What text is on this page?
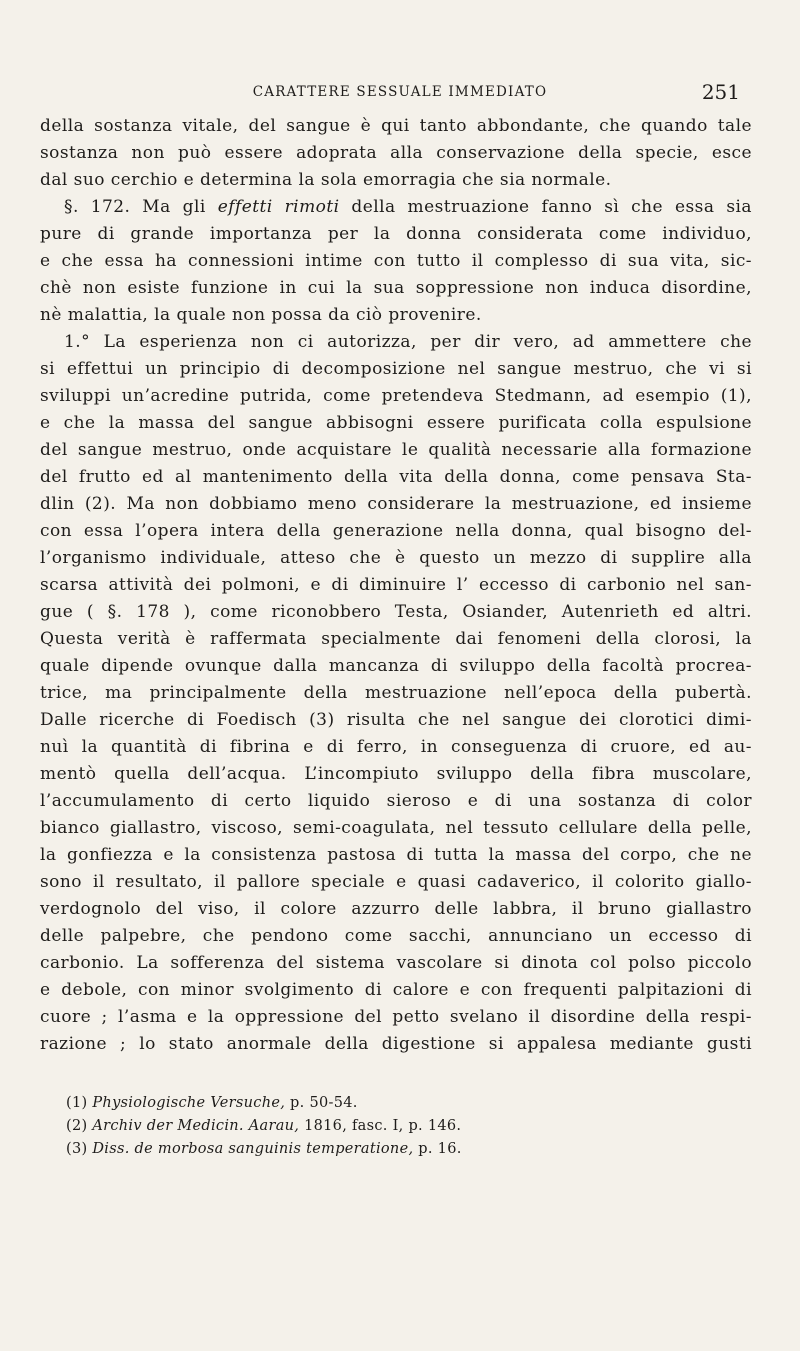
CARATTERE SESSUALE IMMEDIATO	251
della sostanza vitale, del sangue è qui tanto abbondante, che quando tale
sostanza non può essere adoprata alla conservazione della specie, esce
dal suo cerchio e determina la sola emorragia che sia normale.
§. 172. Ma gli effetti rimoti della mestruazione fanno sì che essa sia
pure di grande importanza per la donna considerata come individuo,
e che essa ha connessioni intime con tutto il complesso di sua vita, sic-
chè non esiste funzione in cui la sua soppressione non induca disordine,
nè malattia, la quale non possa da ciò provenire.
1.° La esperienza non ci autorizza, per dir vero, ad ammettere che
si effettui un principio di decomposizione nel sangue mestruo, che vi si
sviluppi un’acredine putrida, come pretendeva Stedmann, ad esempio (1),
e che la massa del sangue abbisogni essere purificata colla espulsione
del sangue mestruo, onde acquistare le qualità necessarie alla formazione
del frutto ed al mantenimento della vita della donna, come pensava Sta-
dlin (2). Ma non dobbiamo meno considerare la mestruazione, ed insieme
con essa l’opera intera della generazione nella donna, qual bisogno del-
l’organismo individuale, atteso che è questo un mezzo di supplire alla
scarsa attività dei polmoni, e di diminuire l’ eccesso di carbonio nel san-
gue ( §. 178 ), come riconobbero Testa, Osiander, Autenrieth ed altri.
Questa verità è raffermata specialmente dai fenomeni della clorosi, la
quale dipende ovunque dalla mancanza di sviluppo della facoltà procrea-
trice, ma principalmente della mestruazione nell’epoca della pubertà.
Dalle ricerche di Foedisch (3) risulta che nel sangue dei clorotici dimi-
nuì la quantità di fibrina e di ferro, in conseguenza di cruore, ed au-
mentò quella dell’acqua. L’incompiuto sviluppo della fibra muscolare,
l’accumulamento di certo liquido sieroso e di una sostanza di color
bianco giallastro, viscoso, semi-coagulata, nel tessuto cellulare della pelle,
la gonfiezza e la consistenza pastosa di tutta la massa del corpo, che ne
sono il resultato, il pallore speciale e quasi cadaverico, il colorito giallo-
verdognolo del viso, il colore azzurro delle labbra, il bruno giallastro
delle palpebre, che pendono come sacchi, annunciano un eccesso di
carbonio. La sofferenza del sistema vascolare si dinota col polso piccolo
e debole, con minor svolgimento di calore e con frequenti palpitazioni di
cuore ; l’asma e la oppressione del petto svelano il disordine della respi-
razione ; lo stato anormale della digestione si appalesa mediante gusti
(1) Physiologische Versuche, p. 50-54.
(2) Archiv der Medicin. Aarau, 1816, fasc. I, p. 146.
(3) Diss. de morbosa sanguinis temperatione, p. 16.
